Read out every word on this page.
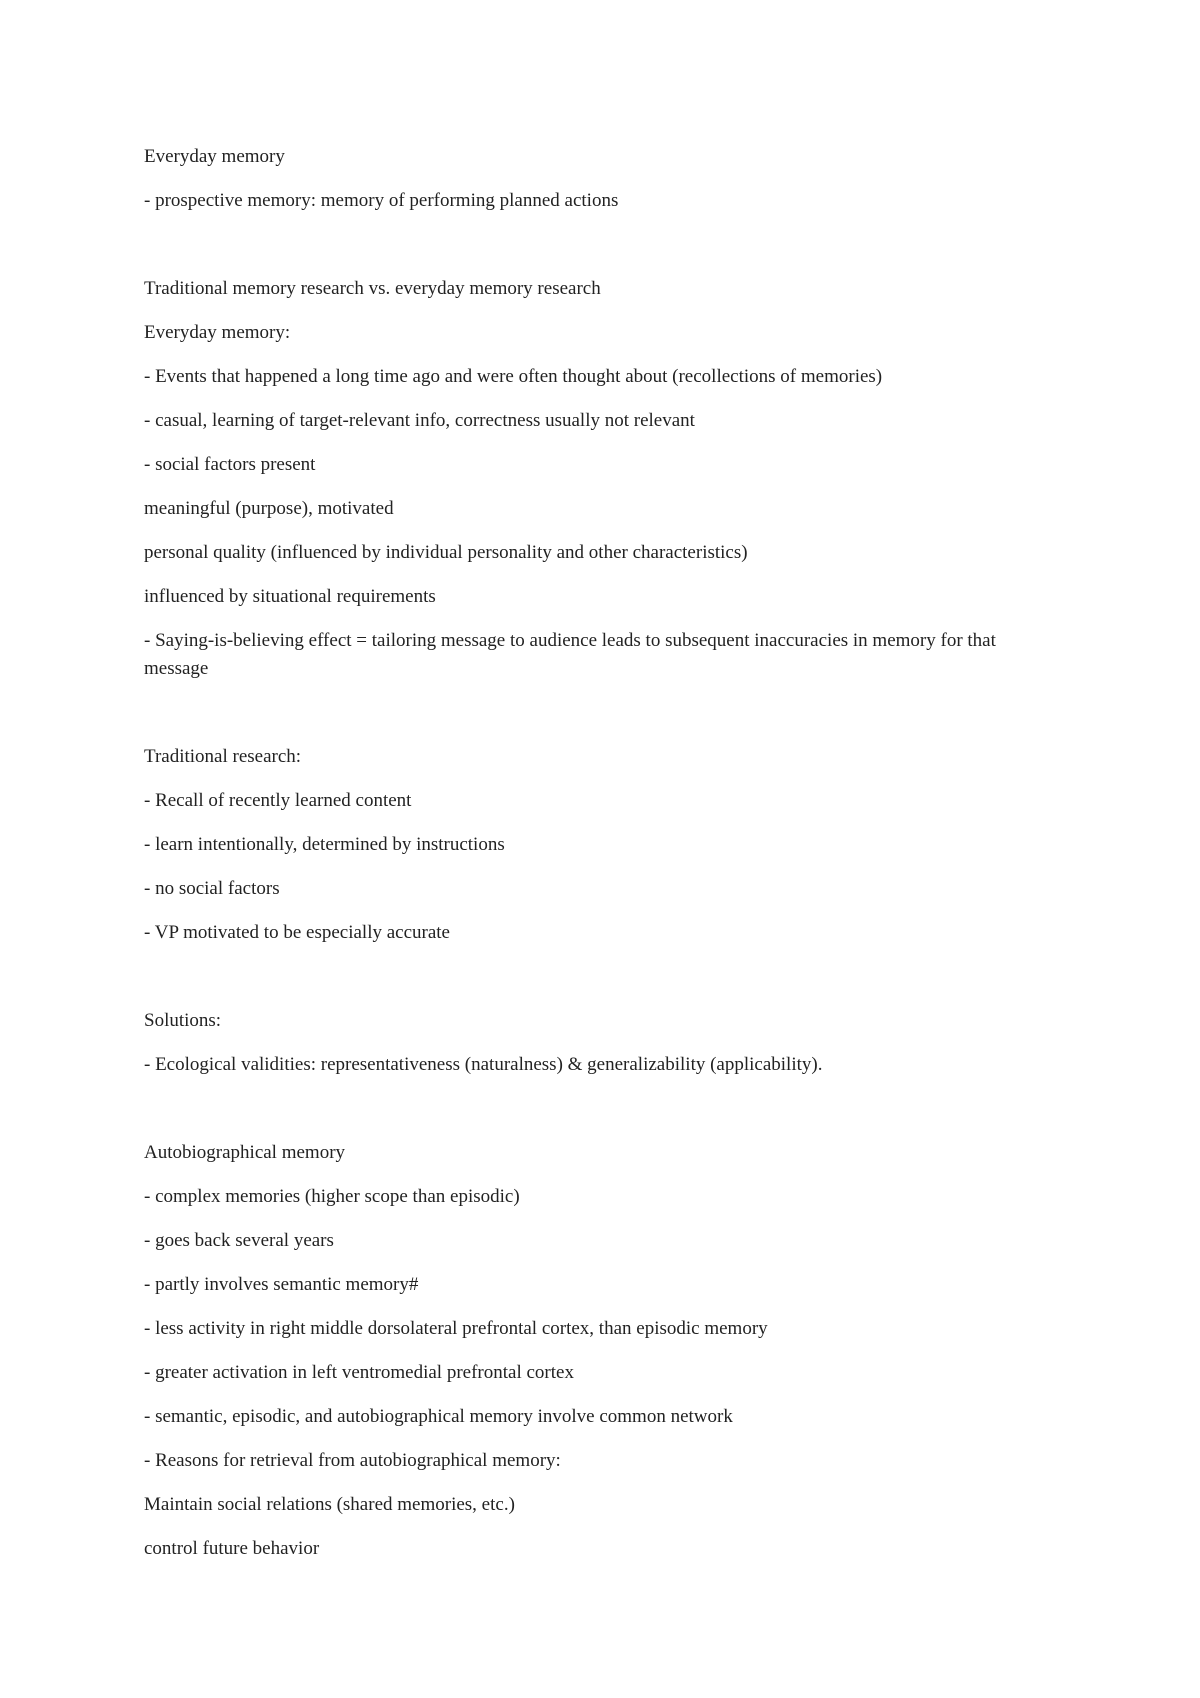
Everyday memory

- prospective memory: memory of performing planned actions

Traditional memory research vs. everyday memory research

Everyday memory:

- Events that happened a long time ago and were often thought about (recollections of memories)

- casual, learning of target-relevant info, correctness usually not relevant

- social factors present

meaningful (purpose), motivated

personal quality (influenced by individual personality and other characteristics)

influenced by situational requirements

- Saying-is-believing effect = tailoring message to audience leads to subsequent inaccuracies in memory for that message

Traditional research:

- Recall of recently learned content

- learn intentionally, determined by instructions

- no social factors

- VP motivated to be especially accurate

Solutions:

- Ecological validities: representativeness (naturalness) & generalizability (applicability).

Autobiographical memory

- complex memories (higher scope than episodic)

- goes back several years

- partly involves semantic memory#

- less activity in right middle dorsolateral prefrontal cortex, than episodic memory

- greater activation in left ventromedial prefrontal cortex

- semantic, episodic, and autobiographical memory involve common network

- Reasons for retrieval from autobiographical memory:

Maintain social relations (shared memories, etc.)

control future behavior
